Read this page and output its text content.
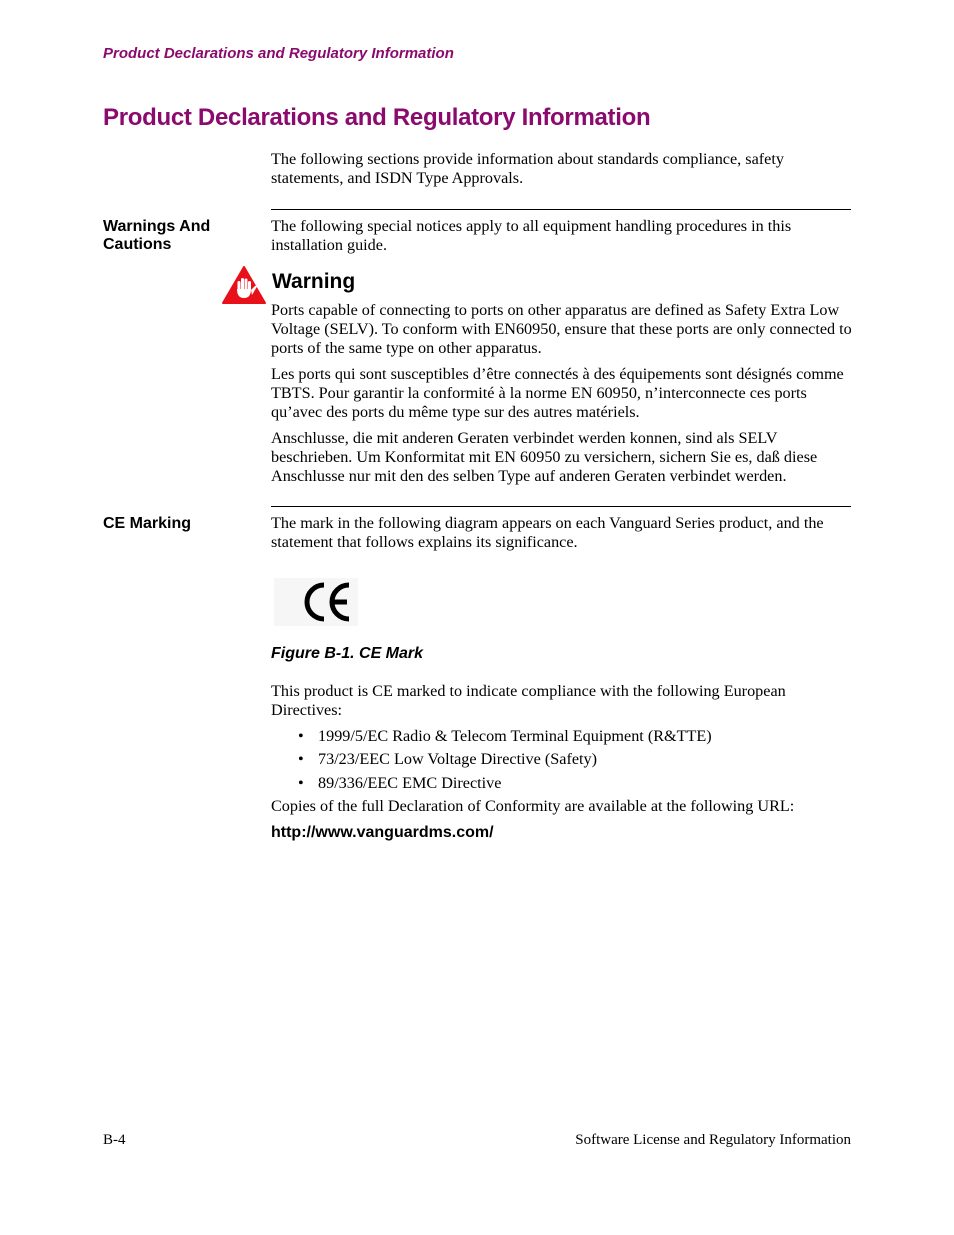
Product Declarations and Regulatory Information
Product Declarations and Regulatory Information

The following sections provide information about standards compliance, safety statements, and ISDN Type Approvals.

Warnings And
Cautions

The following special notices apply to all equipment handling procedures in this installation guide.

Warning

Ports capable of connecting to ports on other apparatus are defined as Safety Extra Low Voltage (SELV). To conform with EN60950, ensure that these ports are only connected to ports of the same type on other apparatus.

Les ports qui sont susceptibles d’être connectés à des équipements sont désignés comme TBTS. Pour garantir la conformité à la norme EN 60950, n’interconnecte ces ports qu’avec des ports du même type sur des autres matériels.

Anschlusse, die mit anderen Geraten verbindet werden konnen, sind als SELV beschrieben. Um Konformitat mit EN 60950 zu versichern, sichern Sie es, daß diese Anschlusse nur mit den des selben Type auf anderen Geraten verbindet werden.

CE Marking	The mark in the following diagram appears on each Vanguard Series product, and the statement that follows explains its significance.

Figure B-1. CE Mark

This product is CE marked to indicate compliance with the following European Directives:

• 1999/5/EC Radio & Telecom Terminal Equipment (R&TTE)
• 73/23/EEC Low Voltage Directive (Safety)
• 89/336/EEC EMC Directive

Copies of the full Declaration of Conformity are available at the following URL:

http://www.vanguardms.com/
B-4	Software License and Regulatory Information
